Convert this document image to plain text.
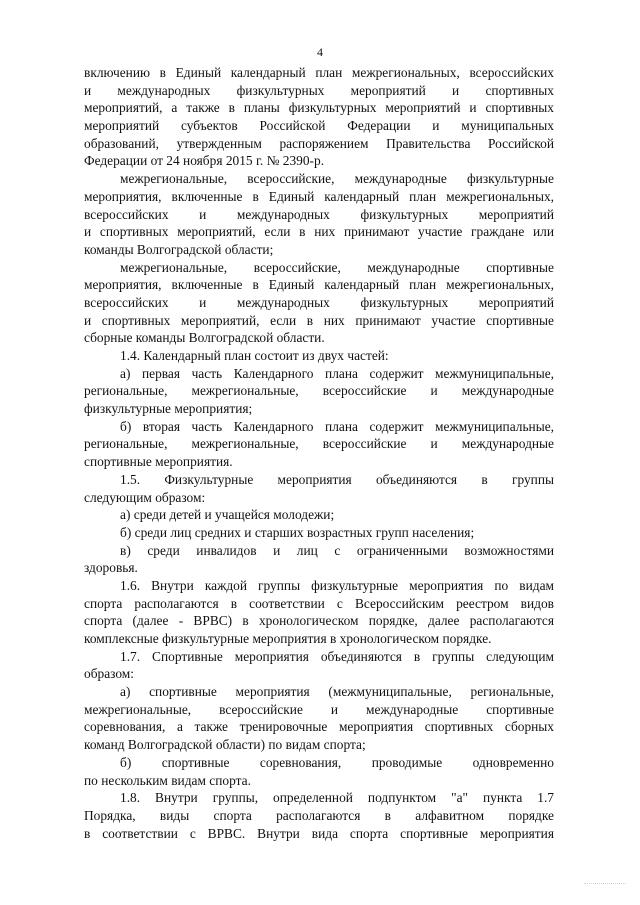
4
включению в Единый календарный план межрегиональных, всероссийских
и международных физкультурных мероприятий и спортивных
мероприятий, а также в планы физкультурных мероприятий и спортивных
мероприятий субъектов Российской Федерации и муниципальных
образований, утвержденным распоряжением Правительства Российской
Федерации от 24 ноября 2015 г. № 2390-р.
межрегиональные, всероссийские, международные физкультурные
мероприятия, включенные в Единый календарный план межрегиональных,
всероссийских и международных физкультурных мероприятий
и спортивных мероприятий, если в них принимают участие граждане или
команды Волгоградской области;
межрегиональные, всероссийские, международные спортивные
мероприятия, включенные в Единый календарный план межрегиональных,
всероссийских и международных физкультурных мероприятий
и спортивных мероприятий, если в них принимают участие спортивные
сборные команды Волгоградской области.
1.4. Календарный план состоит из двух частей:
а) первая часть Календарного плана содержит межмуниципальные,
региональные, межрегиональные, всероссийские и международные
физкультурные мероприятия;
б) вторая часть Календарного плана содержит межмуниципальные,
региональные, межрегиональные, всероссийские и международные
спортивные мероприятия.
1.5. Физкультурные мероприятия объединяются в группы
следующим образом:
а) среди детей и учащейся молодежи;
б) среди лиц средних и старших возрастных групп населения;
в) среди инвалидов и лиц с ограниченными возможностями
здоровья.
1.6. Внутри каждой группы физкультурные мероприятия по видам
спорта располагаются в соответствии с Всероссийским реестром видов
спорта (далее - ВРВС) в хронологическом порядке, далее располагаются
комплексные физкультурные мероприятия в хронологическом порядке.
1.7. Спортивные мероприятия объединяются в группы следующим
образом:
а) спортивные мероприятия (межмуниципальные, региональные,
межрегиональные, всероссийские и международные спортивные
соревнования, а также тренировочные мероприятия спортивных сборных
команд Волгоградской области) по видам спорта;
б) спортивные соревнования, проводимые одновременно
по нескольким видам спорта.
1.8. Внутри группы, определенной подпунктом "а" пункта 1.7
Порядка, виды спорта располагаются в алфавитном порядке
в соответствии с ВРВС. Внутри вида спорта спортивные мероприятия
